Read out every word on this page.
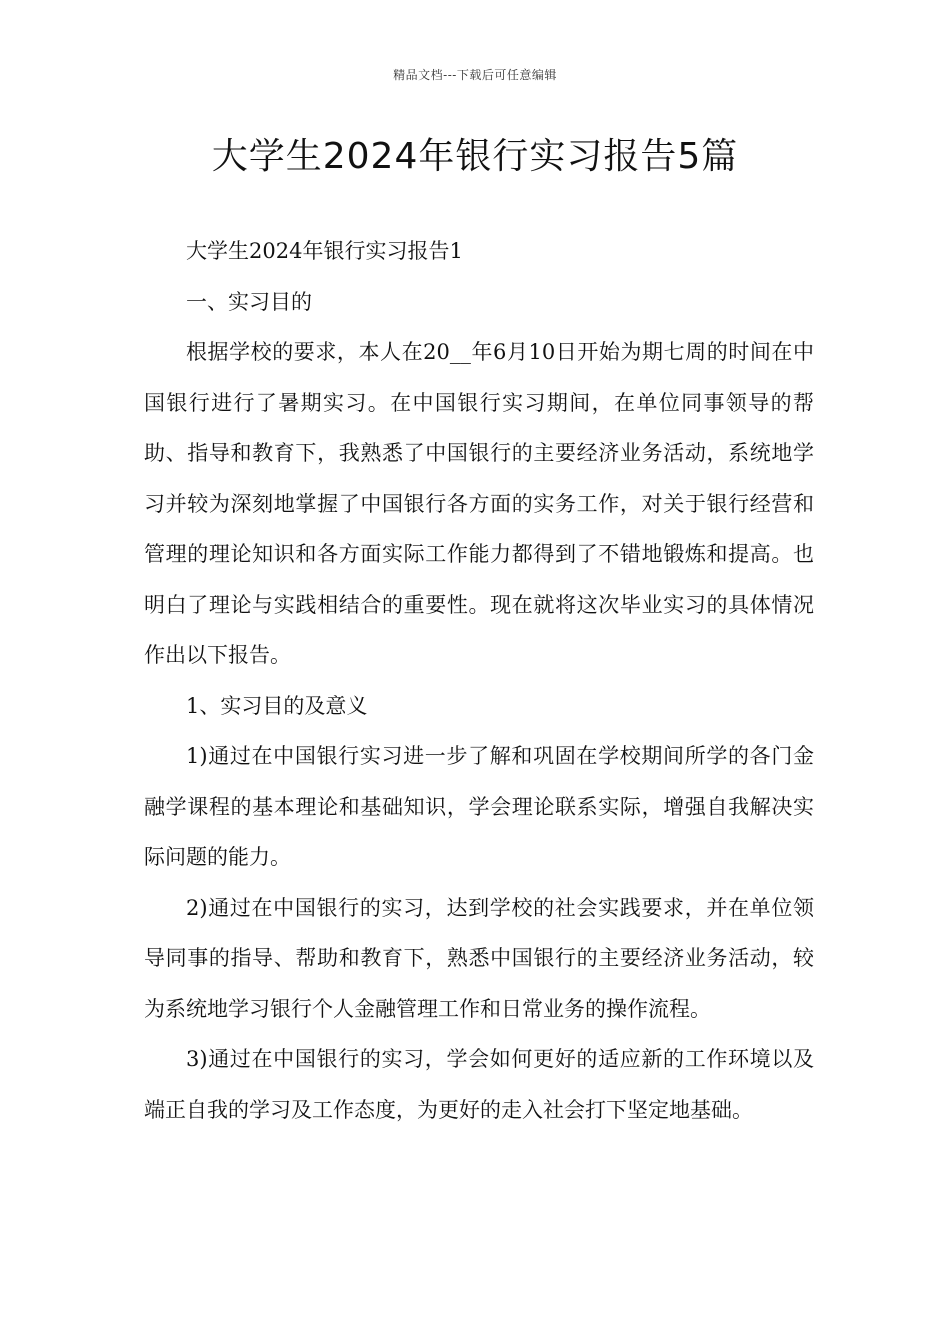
精品文档---下载后可任意编辑
大学生2024年银行实习报告5篇

大学生2024年银行实习报告1

一、实习目的

根据学校的要求，本人在20__年6月10日开始为期七周的时间在中国银行进行了暑期实习。在中国银行实习期间，在单位同事领导的帮助、指导和教育下，我熟悉了中国银行的主要经济业务活动，系统地学习并较为深刻地掌握了中国银行各方面的实务工作，对关于银行经营和管理的理论知识和各方面实际工作能力都得到了不错地锻炼和提高。也明白了理论与实践相结合的重要性。现在就将这次毕业实习的具体情况作出以下报告。

1、实习目的及意义

1)通过在中国银行实习进一步了解和巩固在学校期间所学的各门金融学课程的基本理论和基础知识，学会理论联系实际，增强自我解决实际问题的能力。

2)通过在中国银行的实习，达到学校的社会实践要求，并在单位领导同事的指导、帮助和教育下，熟悉中国银行的主要经济业务活动，较为系统地学习银行个人金融管理工作和日常业务的操作流程。

3)通过在中国银行的实习，学会如何更好的适应新的工作环境以及端正自我的学习及工作态度，为更好的走入社会打下坚定地基础。
